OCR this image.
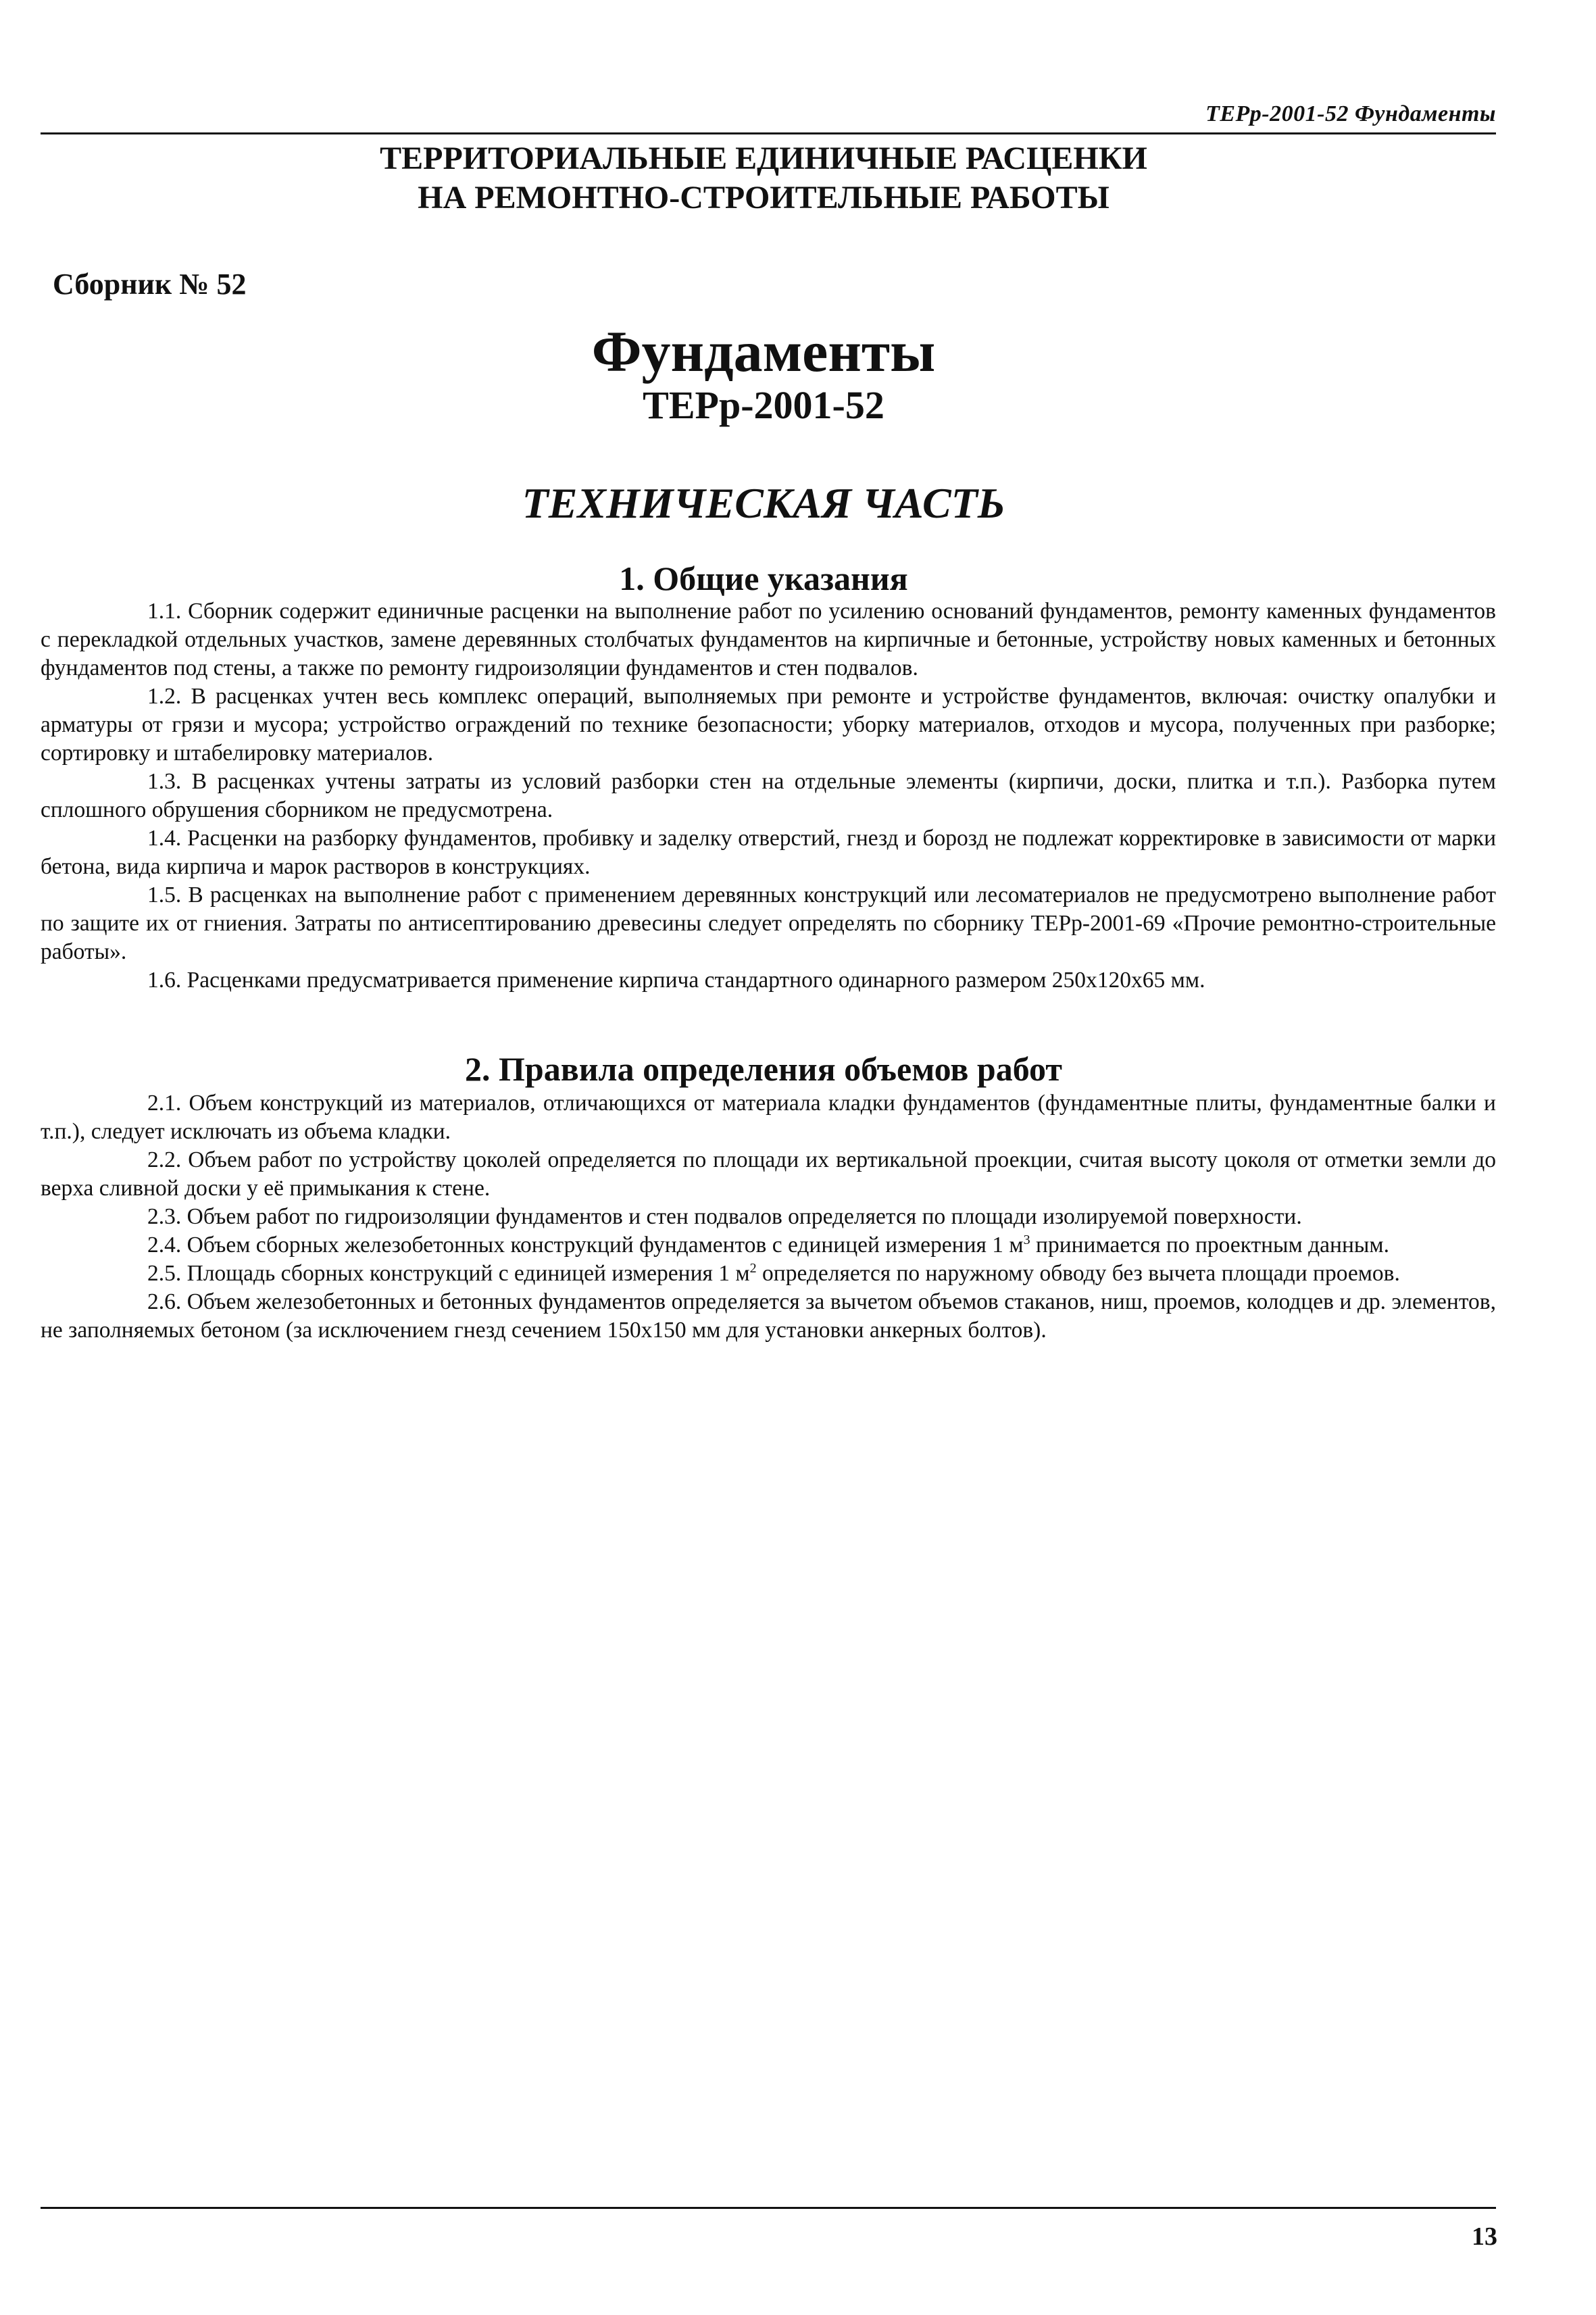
ТЕРр-2001-52 Фундаменты
ТЕРРИТОРИАЛЬНЫЕ ЕДИНИЧНЫЕ РАСЦЕНКИ
НА РЕМОНТНО-СТРОИТЕЛЬНЫЕ РАБОТЫ
Сборник № 52
Фундаменты
ТЕРр-2001-52
ТЕХНИЧЕСКАЯ ЧАСТЬ
1. Общие указания

1.1. Сборник содержит единичные расценки на выполнение работ по усилению оснований фундаментов, ремонту каменных фундаментов с перекладкой отдельных участков, замене деревянных столбчатых фундаментов на кирпичные и бетонные, устройству новых каменных и бетонных фундаментов под стены, а также по ремонту гидроизоляции фундаментов и стен подвалов.

1.2. В расценках учтен весь комплекс операций, выполняемых при ремонте и устройстве фундаментов, включая: очистку опалубки и арматуры от грязи и мусора; устройство ограждений по технике безопасности; уборку материалов, отходов и мусора, полученных при разборке; сортировку и штабелировку материалов.

1.3. В расценках учтены затраты из условий разборки стен на отдельные элементы (кирпичи, доски, плитка и т.п.). Разборка путем сплошного обрушения сборником не предусмотрена.

1.4. Расценки на разборку фундаментов, пробивку и заделку отверстий, гнезд и борозд не подлежат корректировке в зависимости от марки бетона, вида кирпича и марок растворов в конструкциях.

1.5. В расценках на выполнение работ с применением деревянных конструкций или лесоматериалов не предусмотрено выполнение работ по защите их от гниения. Затраты по антисептированию древесины следует определять по сборнику ТЕРр-2001-69 «Прочие ремонтно-строительные работы».

1.6. Расценками предусматривается применение кирпича стандартного одинарного размером 250x120x65 мм.

2. Правила определения объемов работ

2.1. Объем конструкций из материалов, отличающихся от материала кладки фундаментов (фундаментные плиты, фундаментные балки и т.п.), следует исключать из объема кладки.

2.2. Объем работ по устройству цоколей определяется по площади их вертикальной проекции, считая высоту цоколя от отметки земли до верха сливной доски у её примыкания к стене.

2.3. Объем работ по гидроизоляции фундаментов и стен подвалов определяется по площади изолируемой поверхности.

2.4. Объем сборных железобетонных конструкций фундаментов с единицей измерения 1 $м^3$ принимается по проектным данным.

2.5. Площадь сборных конструкций с единицей измерения 1 $м^2$ определяется по наружному обводу без вычета площади проемов.

2.6. Объем железобетонных и бетонных фундаментов определяется за вычетом объемов стаканов, ниш, проемов, колодцев и др. элементов, не заполняемых бетоном (за исключением гнезд сечением 150x150 мм для установки анкерных болтов).

13
